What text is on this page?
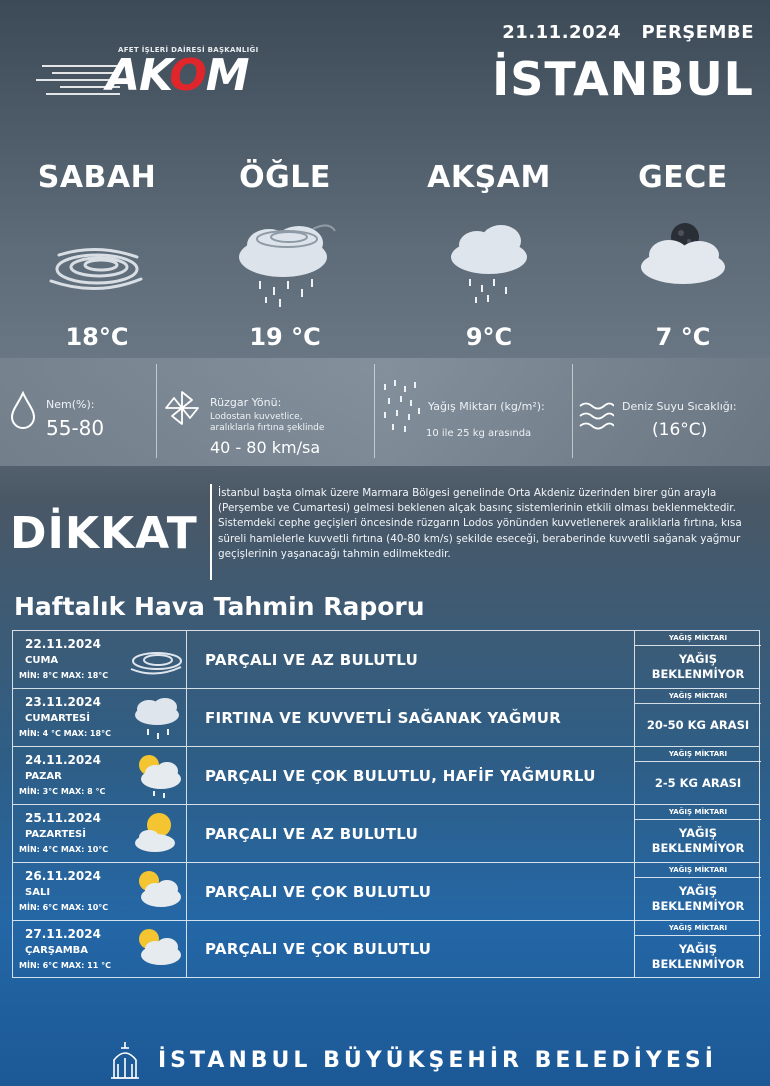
AFET İŞLERİ DAİRESİ BAŞKANLIĞI
AKOM
21.11.2024 PERŞEMBE
İSTANBUL
SABAH
18°C
ÖĞLE
19 °C
AKŞAM
9°C
GECE
7 °C
Nem(%):
55-80
Rüzgar Yönü:
Lodostan kuvvetlice,
aralıklarla fırtına şeklinde
40 - 80 km/sa
Yağış Miktarı (kg/m²):
10 ile 25 kg arasında
Deniz Suyu Sıcaklığı:
(16°C)
DİKKAT
İstanbul başta olmak üzere Marmara Bölgesi genelinde Orta Akdeniz üzerinden birer gün arayla (Perşembe ve Cumartesi) gelmesi beklenen alçak basınç sistemlerinin etkili olması beklenmektedir. Sistemdeki cephe geçişleri öncesinde rüzgarın Lodos yönünden kuvvetlenerek aralıklarla fırtına, kısa süreli hamlelerle kuvvetli fırtına (40-80 km/s) şekilde eseceği, beraberinde kuvvetli sağanak yağmur geçişlerinin yaşanacağı tahmin edilmektedir.
Haftalık Hava Tahmin Raporu
22.11.2024
CUMA
MİN: 8°C MAX: 18°C
PARÇALI VE AZ BULUTLU
YAĞIŞ MİKTARI
YAĞIŞ BEKLENMİYOR
23.11.2024
CUMARTESİ
MİN: 4 °C MAX: 18°C
FIRTINA VE KUVVETLİ SAĞANAK YAĞMUR
YAĞIŞ MİKTARI
20-50 KG ARASI
24.11.2024
PAZAR
MİN: 3°C MAX: 8 °C
PARÇALI VE ÇOK BULUTLU, HAFİF YAĞMURLU
YAĞIŞ MİKTARI
2-5 KG ARASI
25.11.2024
PAZARTESİ
MİN: 4°C MAX: 10°C
PARÇALI VE AZ BULUTLU
YAĞIŞ MİKTARI
YAĞIŞ BEKLENMİYOR
26.11.2024
SALI
MİN: 6°C MAX: 10°C
PARÇALI VE ÇOK BULUTLU
YAĞIŞ MİKTARI
YAĞIŞ BEKLENMİYOR
27.11.2024
ÇARŞAMBA
MİN: 6°C MAX: 11 °C
PARÇALI VE ÇOK BULUTLU
YAĞIŞ MİKTARI
YAĞIŞ BEKLENMİYOR
İSTANBUL BÜYÜKŞEHİR BELEDİYESİ
